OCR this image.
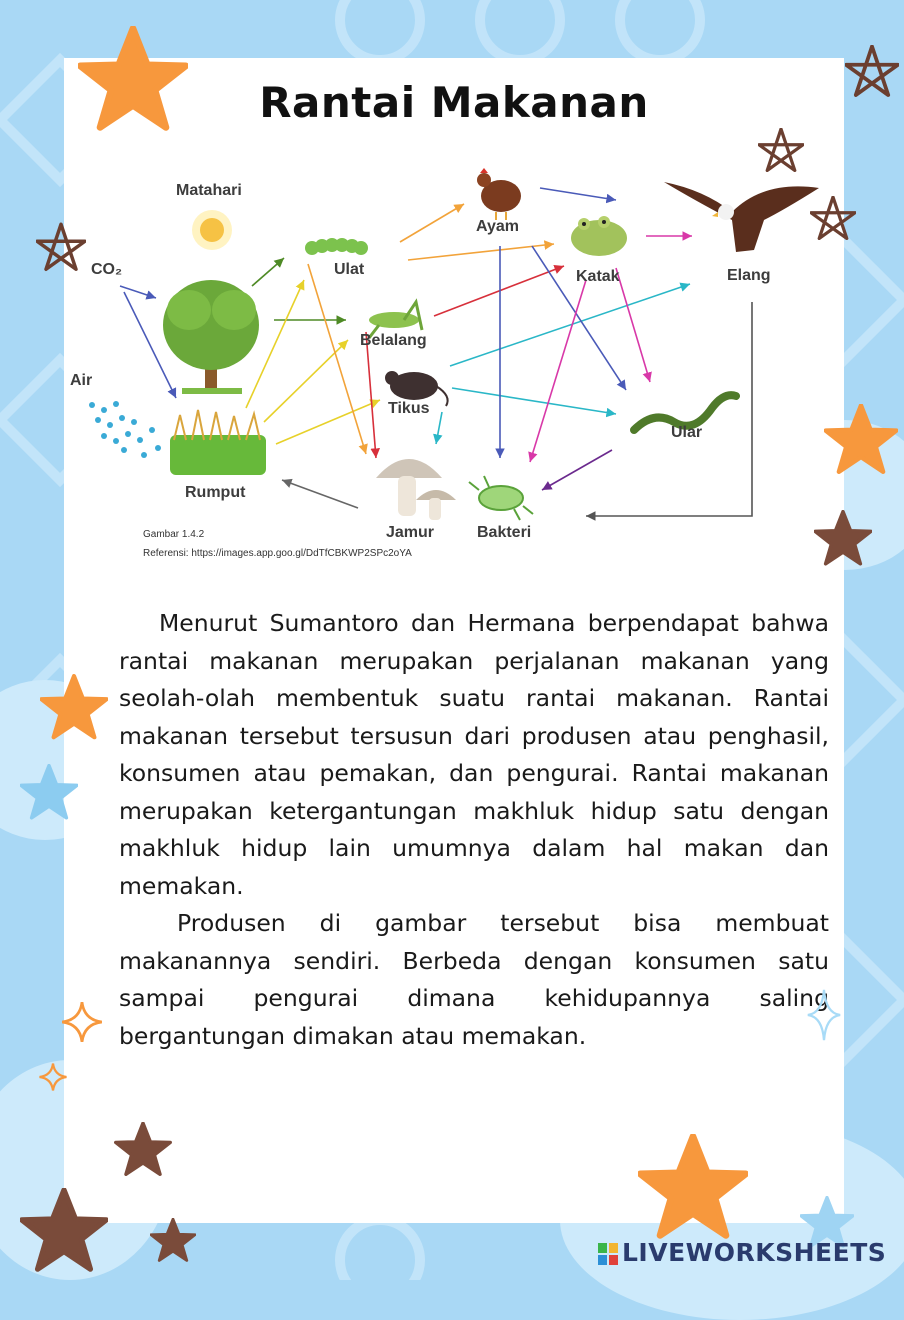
Rantai Makanan
Matahari
CO₂
Air
Rumput
Ulat
Belalang
Tikus
Ayam
Katak	Elang
Ular
Jamur	Bakteri
Gambar 1.4.2
Referensi: https://images.app.goo.gl/DdTfCBKWP2SPc2oYA

Menurut Sumantoro dan Hermana berpendapat bahwa rantai makanan merupakan perjalanan makanan yang seolah-olah membentuk suatu rantai makanan. Rantai makanan tersebut tersusun dari produsen atau penghasil, konsumen atau pemakan, dan pengurai. Rantai makanan merupakan ketergantungan makhluk hidup satu dengan makhluk hidup lain umumnya dalam hal makan dan memakan.

Produsen di gambar tersebut bisa membuat makanannya sendiri. Berbeda dengan konsumen satu sampai pengurai dimana kehidupannya saling bergantungan dimakan atau memakan.

LIVEWORKSHEETS
